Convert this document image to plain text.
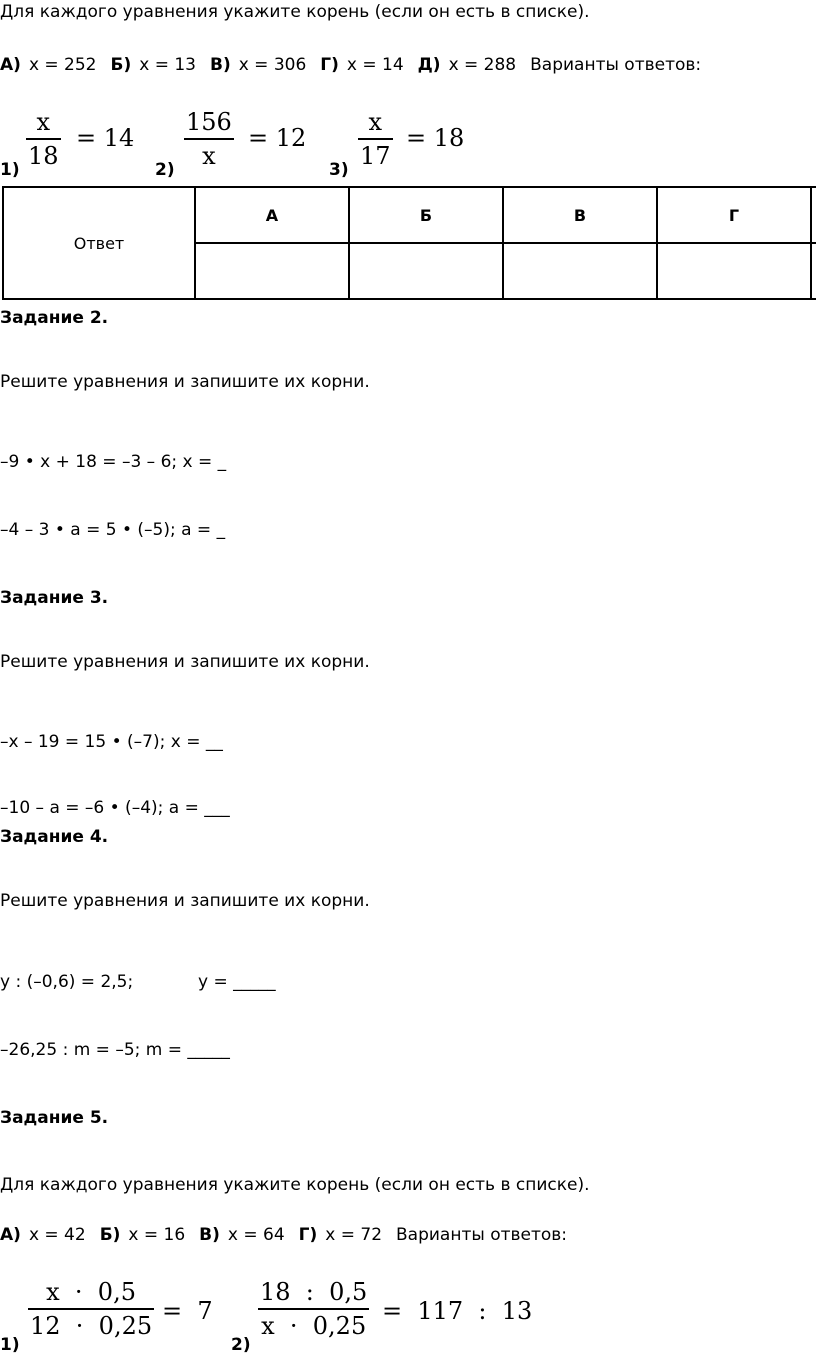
Для каждого уравнения укажите корень (если он есть в списке).
А) x = 252 Б) x = 13 В) x = 306 Г) x = 14 Д) x = 288 Варианты ответов:
x
18
= 14
1)
156
x
= 12
2)
x
17
= 18
3)
Ответ	А	Б	В	Г

Задание 2.
Решите уравнения и запишите их корни.
–9 • x + 18 = –3 – 6; x = _
–4 – 3 • a = 5 • (–5); a = _
Задание 3.
Решите уравнения и запишите их корни.
–x – 19 = 15 • (–7); x = __
–10 – a = –6 • (–4); a = ___
Задание 4.
Решите уравнения и запишите их корни.
y : (–0,6) = 2,5;	y = _____
–26,25 : m = –5; m = _____
Задание 5.
Для каждого уравнения укажите корень (если он есть в списке).
А) x = 42 Б) x = 16 В) x = 64 Г) x = 72 Варианты ответов:
x  ·  0,5
12  ·  0,25
=  7
1)
18  :  0,5
x  ·  0,25
=  117  :  13
2)
